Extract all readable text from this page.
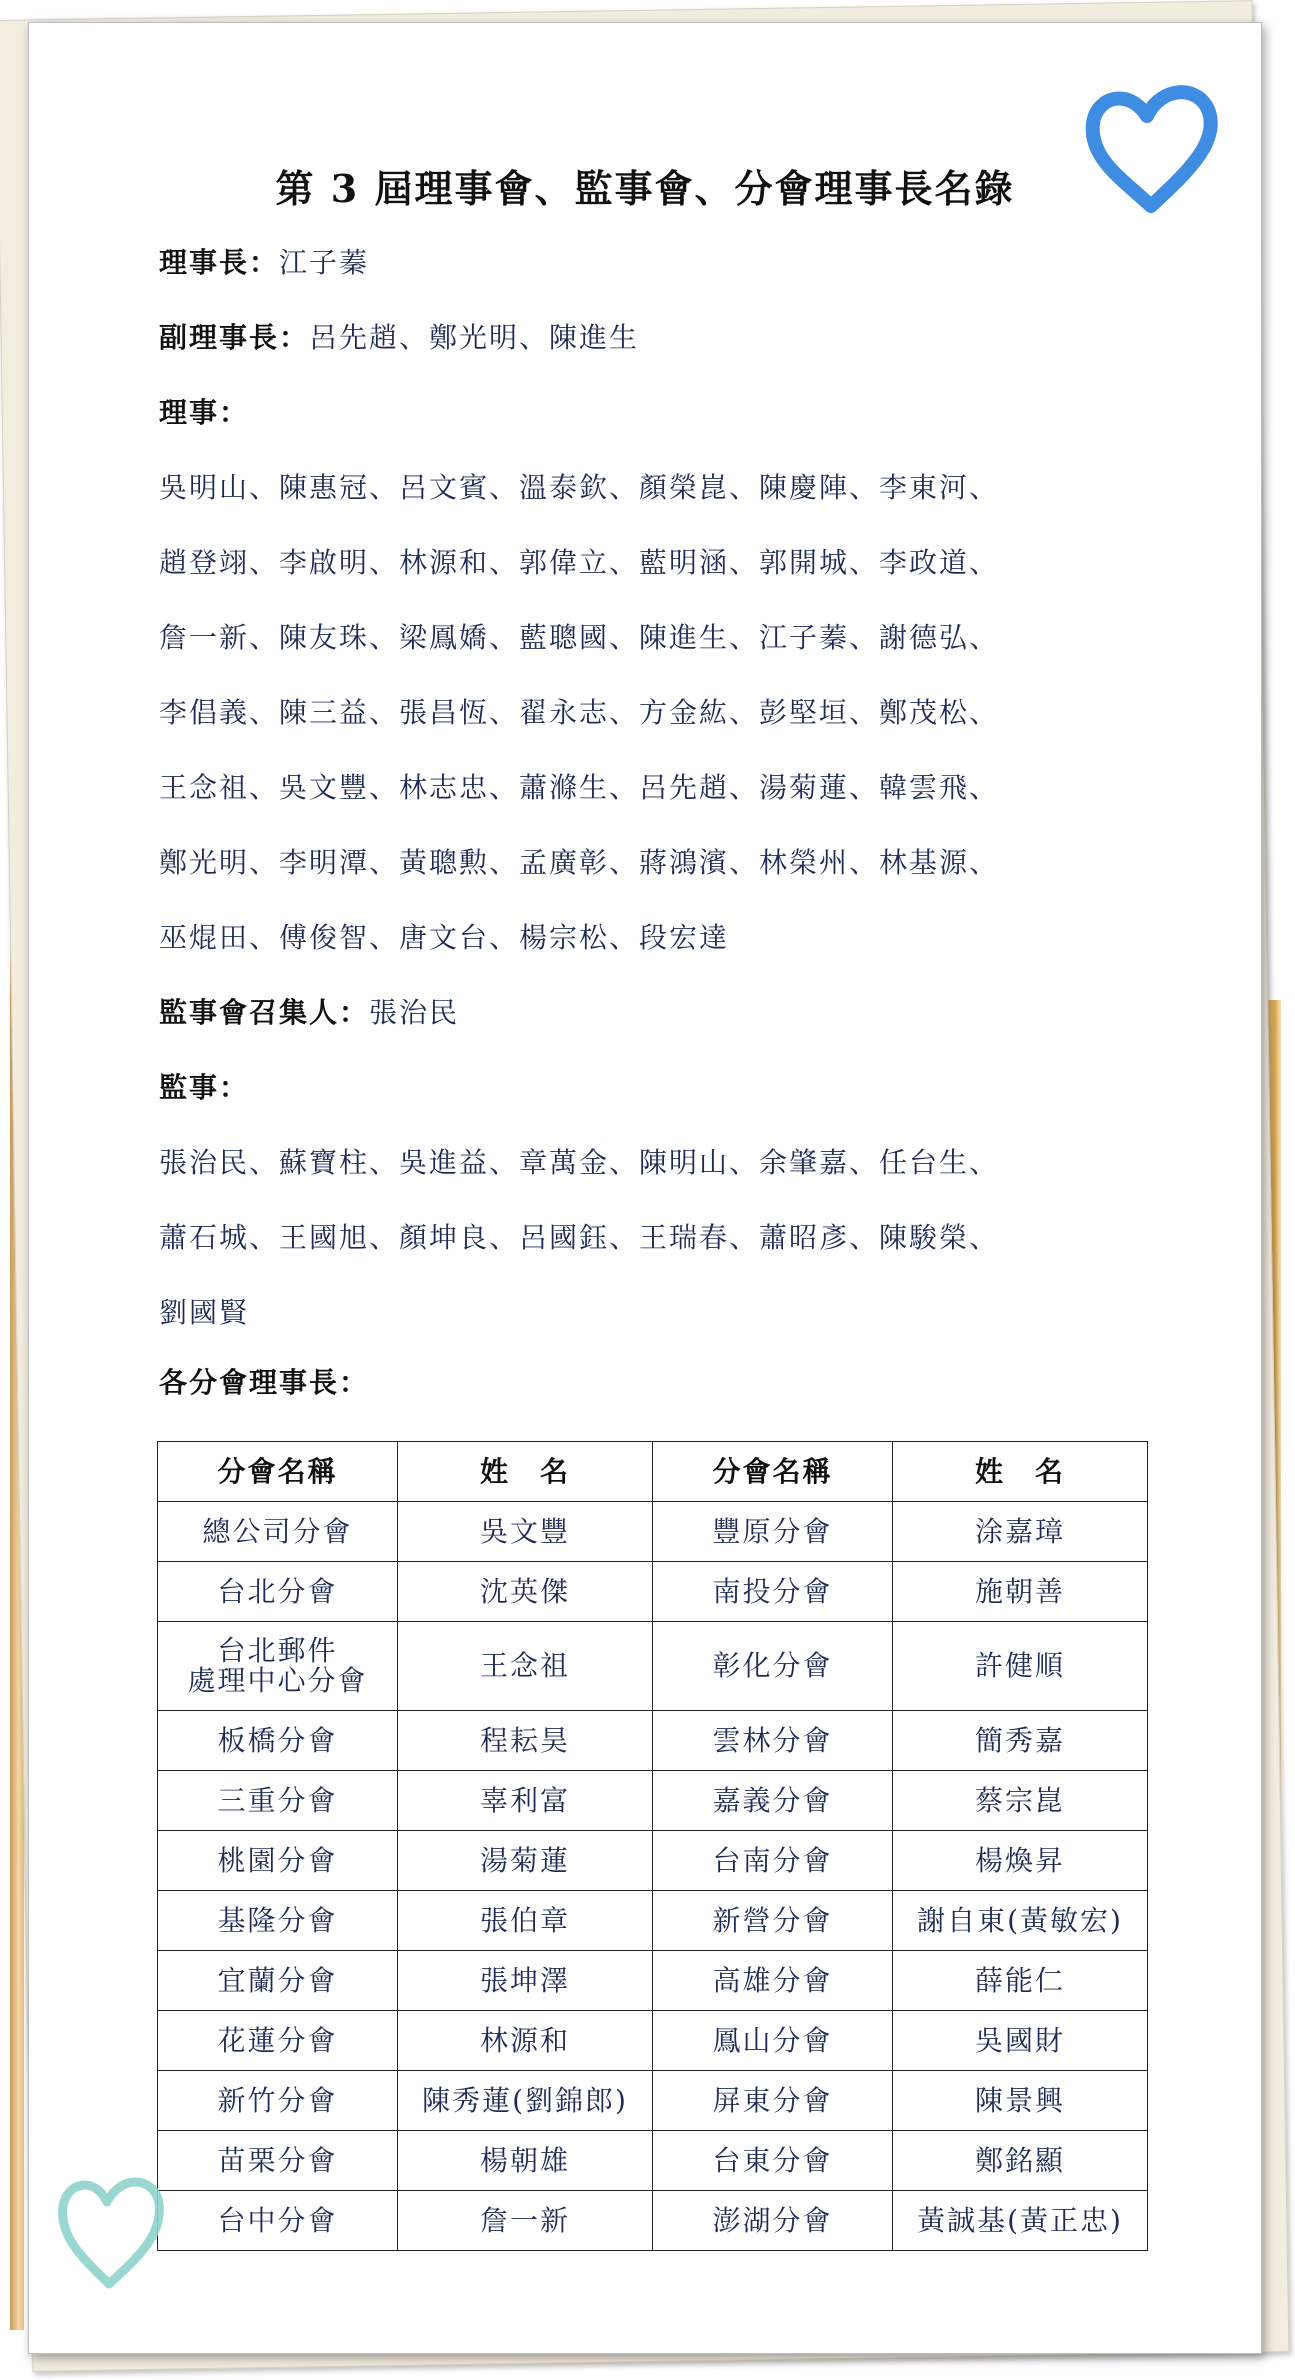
第 3 屆理事會、監事會、分會理事長名錄
理事長：江子蓁
副理事長：呂先趙、鄭光明、陳進生
理事：
吳明山、陳惠冠、呂文賓、溫泰欽、顏榮崑、陳慶陣、李東河、
趙登翊、李啟明、林源和、郭偉立、藍明涵、郭開城、李政道、
詹一新、陳友珠、梁鳳嬌、藍聰國、陳進生、江子蓁、謝德弘、
李倡義、陳三益、張昌恆、翟永志、方金紘、彭堅垣、鄭茂松、
王念祖、吳文豐、林志忠、蕭滌生、呂先趙、湯菊蓮、韓雲飛、
鄭光明、李明潭、黃聰勲、孟廣彰、蔣鴻濱、林榮州、林基源、
巫焜田、傅俊智、唐文台、楊宗松、段宏達
監事會召集人：張治民
監事：
張治民、蘇寶柱、吳進益、章萬金、陳明山、余肇嘉、任台生、
蕭石城、王國旭、顏坤良、呂國鈺、王瑞春、蕭昭彥、陳駿榮、
劉國賢
各分會理事長：
分會名稱	姓　名	分會名稱	姓　名
總公司分會	吳文豐	豐原分會	涂嘉璋
台北分會	沈英傑	南投分會	施朝善
台北郵件
處理中心分會	王念祖	彰化分會	許健順
板橋分會	程耘昊	雲林分會	簡秀嘉
三重分會	辜利富	嘉義分會	蔡宗崑
桃園分會	湯菊蓮	台南分會	楊煥昇
基隆分會	張伯章	新營分會	謝自東(黃敏宏)
宜蘭分會	張坤澤	高雄分會	薛能仁
花蓮分會	林源和	鳳山分會	吳國財
新竹分會	陳秀蓮(劉錦郎)	屏東分會	陳景興
苗栗分會	楊朝雄	台東分會	鄭銘顯
台中分會	詹一新	澎湖分會	黃誠基(黃正忠)
